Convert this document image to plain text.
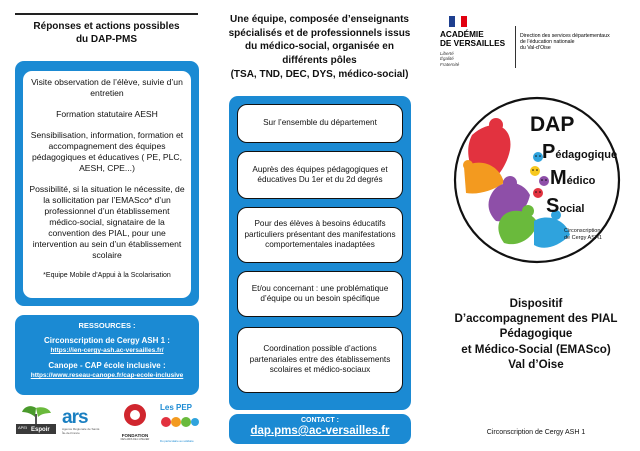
Réponses et actions possibles
du DAP-PMS

Visite observation de l’élève, suivie d’un entretien

Formation statutaire AESH

Sensibilisation, information, formation et accompagnement des équipes pédagogiques et éducatives ( PE, PLC, AESH, CPE...)

Possibilité, si la situation le nécessite, de la sollicitation par l’EMASco* d’un professionnel d’un établissement médico-social, signataire de la convention des PIAL, pour une intervention au sein d’un établissement scolaire

*Equipe Mobile d’Appui à la Scolarisation

RESSOURCES :
Circonscription de Cergy ASH 1 :
https://ien-cergy-ash.ac-versailles.fr/
Canope - CAP école inclusive :
https://www.reseau-canope.fr/cap-ecole-inclusive
APEI Espoir
ars
Agence Régionale de Santé Île-de-France
FONDATION
DES AMIS DE L’ATELIER
Les PEP
Du périscolaire au solidaire
Une équipe, composée d’enseignants spécialisés et de professionnels issus du médico-social, organisée en différents pôles
(TSA, TND, DEC, DYS, médico-social)
Sur l’ensemble du département
Auprès des équipes pédagogiques et éducatives Du 1er et du 2d degrés
Pour des élèves à besoins éducatifs particuliers présentant des manifestations comportementales inadaptées
Et/ou concernant : une problématique d’équipe ou un besoin spécifique
Coordination possible d’actions partenariales entre des établissements scolaires et médico-sociaux
CONTACT :
dap.pms@ac-versailles.fr
ACADÉMIE
DE VERSAILLES
Liberté
Égalité
Fraternité
Direction des services départementaux
de l’éducation nationale
du Val-d’Oise
DAP
Pédagogique
Médico
Social
Circonscription
de Cergy ASH1
Dispositif
D’accompagnement des PIAL
Pédagogique
et Médico-Social (EMASco)
Val d’Oise
Circonscription de Cergy ASH 1
